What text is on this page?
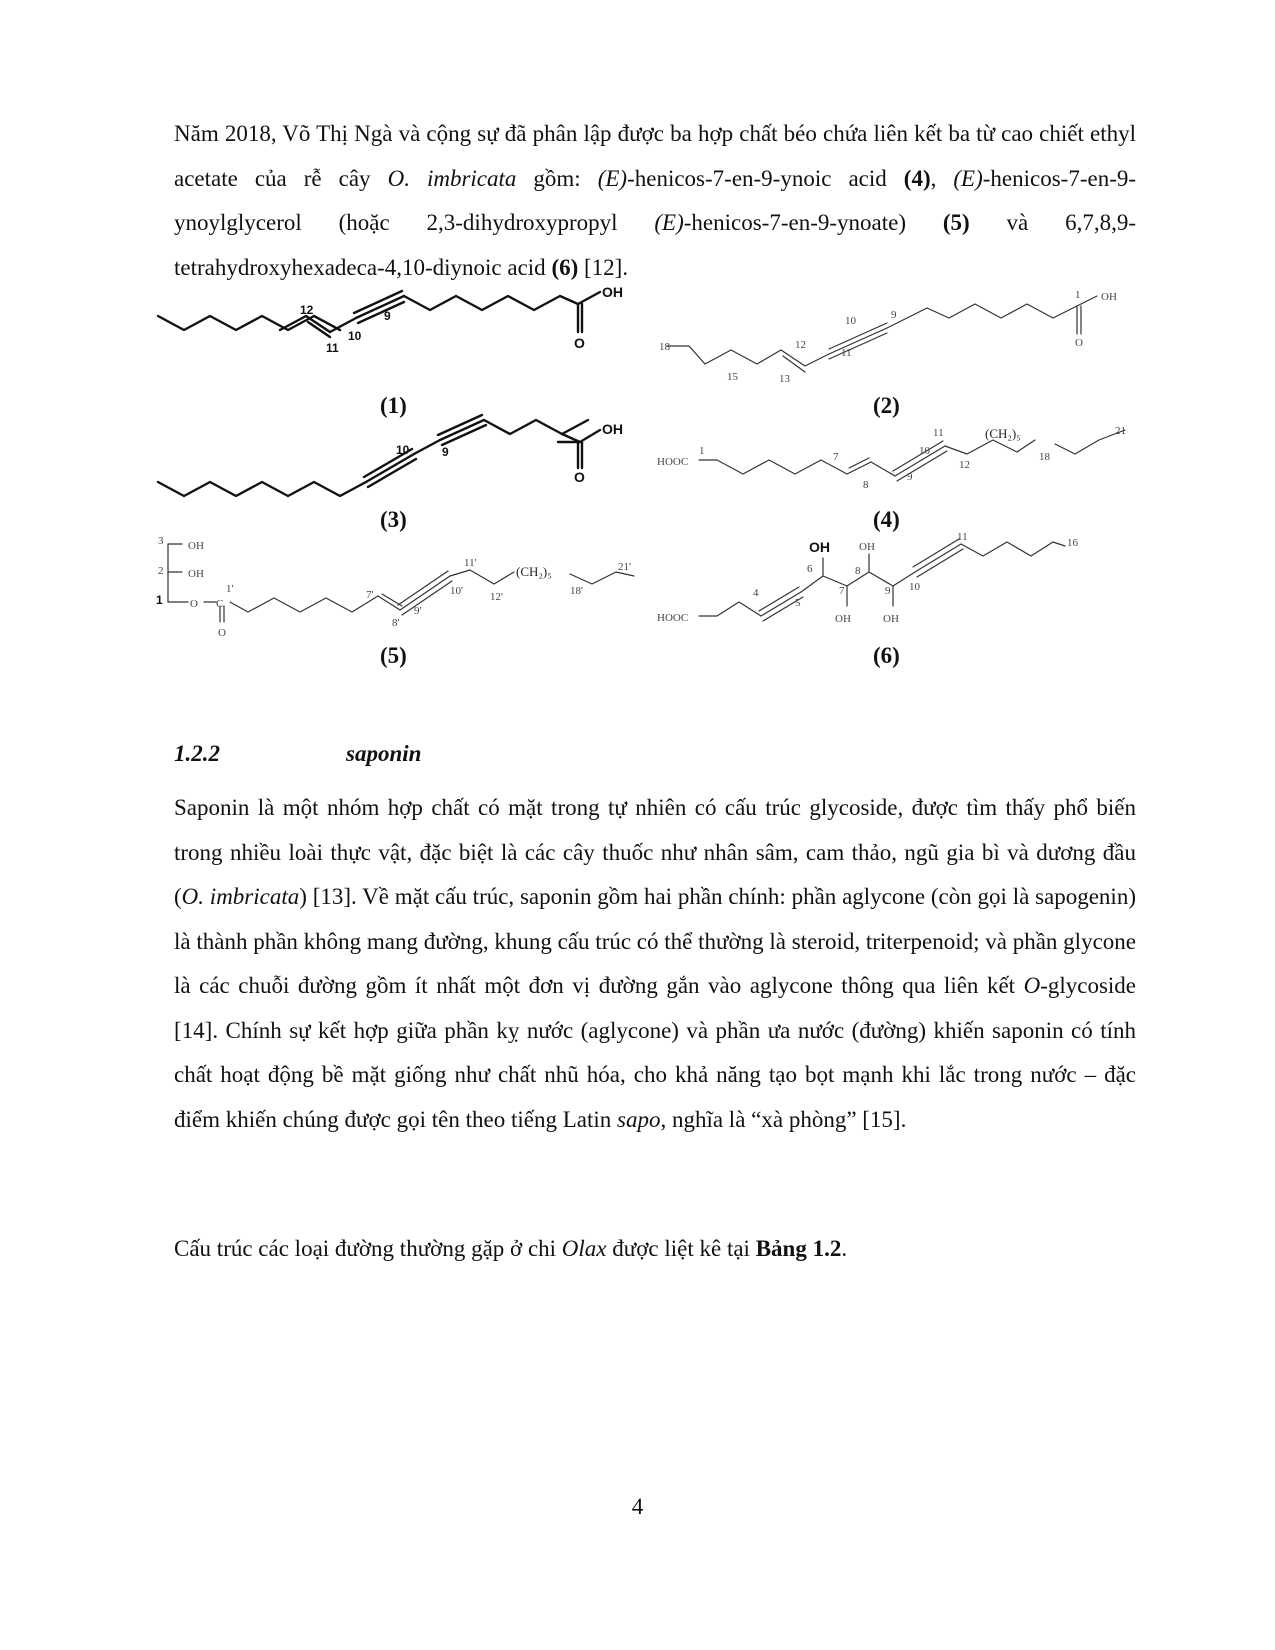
Năm 2018, Võ Thị Ngà và cộng sự đã phân lập được ba hợp chất béo chứa liên kết ba từ cao chiết ethyl acetate của rễ cây O. imbricata gồm: (E)-henicos-7-en-9-ynoic acid (4), (E)-henicos-7-en-9-ynoylglycerol (hoặc 2,3-dihydroxypropyl (E)-henicos-7-en-9-ynoate) (5) và 6,7,8,9-tetrahydroxyhexadeca-4,10-diynoic acid (6) [12].

OH
O
12
11
10
9
(1)
OH
O
1
10	9
12
11
18
15	13
(2)
OH
O
10	9
(3)
HOOC
1	7
8
9
10
11
12
(CH₂)₅
18
21
(4)
OH
OH
O C
O
3
2
1
1'	7'
8'
9'
10'
11'
12'
(CH₂)₅
18'
21'
(5)
HOOC
OH	OH
OH	OH
4
5
6
7
8
9 10
11	16
(6)
1.2.2	saponin

Saponin là một nhóm hợp chất có mặt trong tự nhiên có cấu trúc glycoside, được tìm thấy phổ biến trong nhiều loài thực vật, đặc biệt là các cây thuốc như nhân sâm, cam thảo, ngũ gia bì và dương đầu (O. imbricata) [13]. Về mặt cấu trúc, saponin gồm hai phần chính: phần aglycone (còn gọi là sapogenin) là thành phần không mang đường, khung cấu trúc có thể thường là steroid, triterpenoid; và phần glycone là các chuỗi đường gồm ít nhất một đơn vị đường gắn vào aglycone thông qua liên kết O-glycoside [14]. Chính sự kết hợp giữa phần kỵ nước (aglycone) và phần ưa nước (đường) khiến saponin có tính chất hoạt động bề mặt giống như chất nhũ hóa, cho khả năng tạo bọt mạnh khi lắc trong nước – đặc điểm khiến chúng được gọi tên theo tiếng Latin sapo, nghĩa là “xà phòng” [15].

Cấu trúc các loại đường thường gặp ở chi Olax được liệt kê tại Bảng 1.2.

4
